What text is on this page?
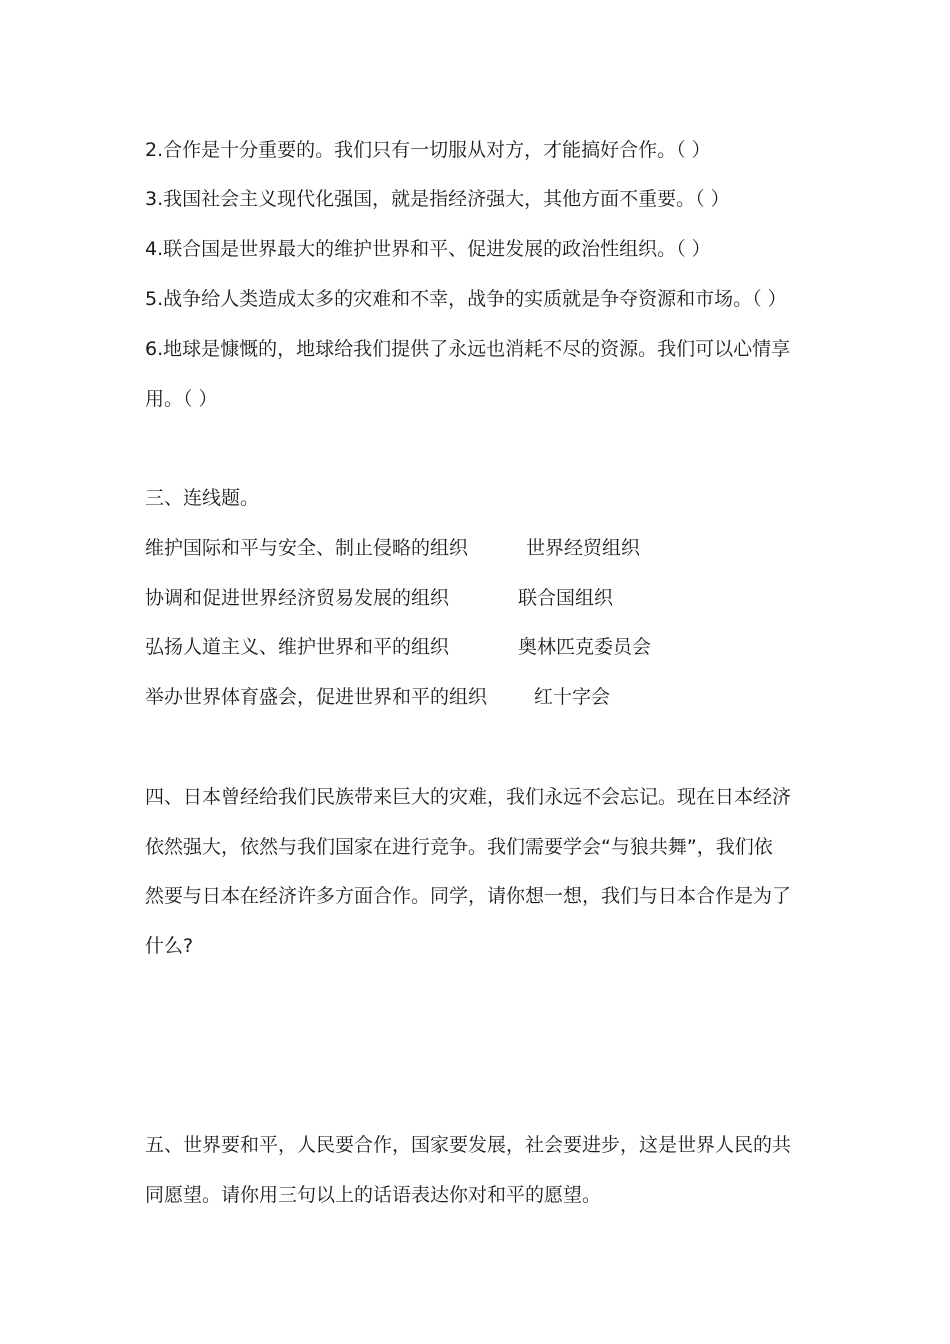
2.合作是十分重要的。我们只有一切服从对方，才能搞好合作。（ ）
3.我国社会主义现代化强国，就是指经济强大，其他方面不重要。（ ）
4.联合国是世界最大的维护世界和平、促进发展的政治性组织。（ ）
5.战争给人类造成太多的灾难和不幸，战争的实质就是争夺资源和市场。（ ）
6.地球是慷慨的，地球给我们提供了永远也消耗不尽的资源。我们可以心情享
用。（ ）
三、连线题。
维护国际和平与安全、制止侵略的组织	世界经贸组织
协调和促进世界经济贸易发展的组织	联合国组织
弘扬人道主义、维护世界和平的组织	奥林匹克委员会
举办世界体育盛会，促进世界和平的组织 红十字会
四、日本曾经给我们民族带来巨大的灾难，我们永远不会忘记。现在日本经济
依然强大，依然与我们国家在进行竞争。我们需要学会“与狼共舞”，我们依
然要与日本在经济许多方面合作。同学，请你想一想，我们与日本合作是为了
什么?
五、世界要和平，人民要合作，国家要发展，社会要进步，这是世界人民的共
同愿望。请你用三句以上的话语表达你对和平的愿望。
